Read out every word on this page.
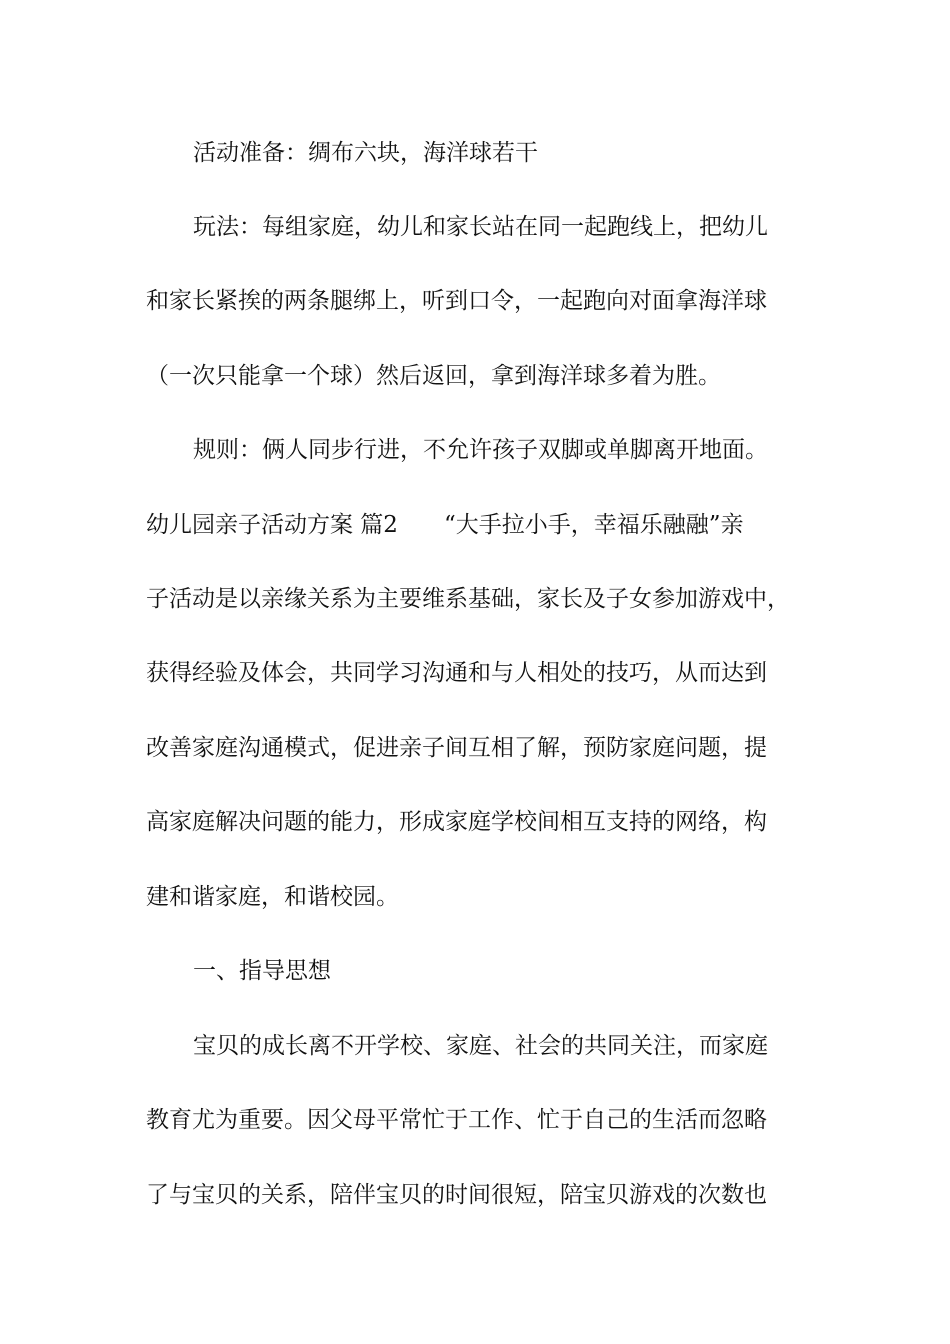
活动准备：绸布六块，海洋球若干
玩法：每组家庭，幼儿和家长站在同一起跑线上，把幼儿
和家长紧挨的两条腿绑上，听到口令，一起跑向对面拿海洋球
（一次只能拿一个球）然后返回，拿到海洋球多着为胜。
规则：俩人同步行进，不允许孩子双脚或单脚离开地面。
幼儿园亲子活动方案 篇2　　“大手拉小手，幸福乐融融”亲
子活动是以亲缘关系为主要维系基础，家长及子女参加游戏中，
获得经验及体会，共同学习沟通和与人相处的技巧，从而达到
改善家庭沟通模式，促进亲子间互相了解，预防家庭问题，提
高家庭解决问题的能力，形成家庭学校间相互支持的网络，构
建和谐家庭，和谐校园。
一、指导思想
宝贝的成长离不开学校、家庭、社会的共同关注，而家庭
教育尤为重要。因父母平常忙于工作、忙于自己的生活而忽略
了与宝贝的关系，陪伴宝贝的时间很短，陪宝贝游戏的次数也
